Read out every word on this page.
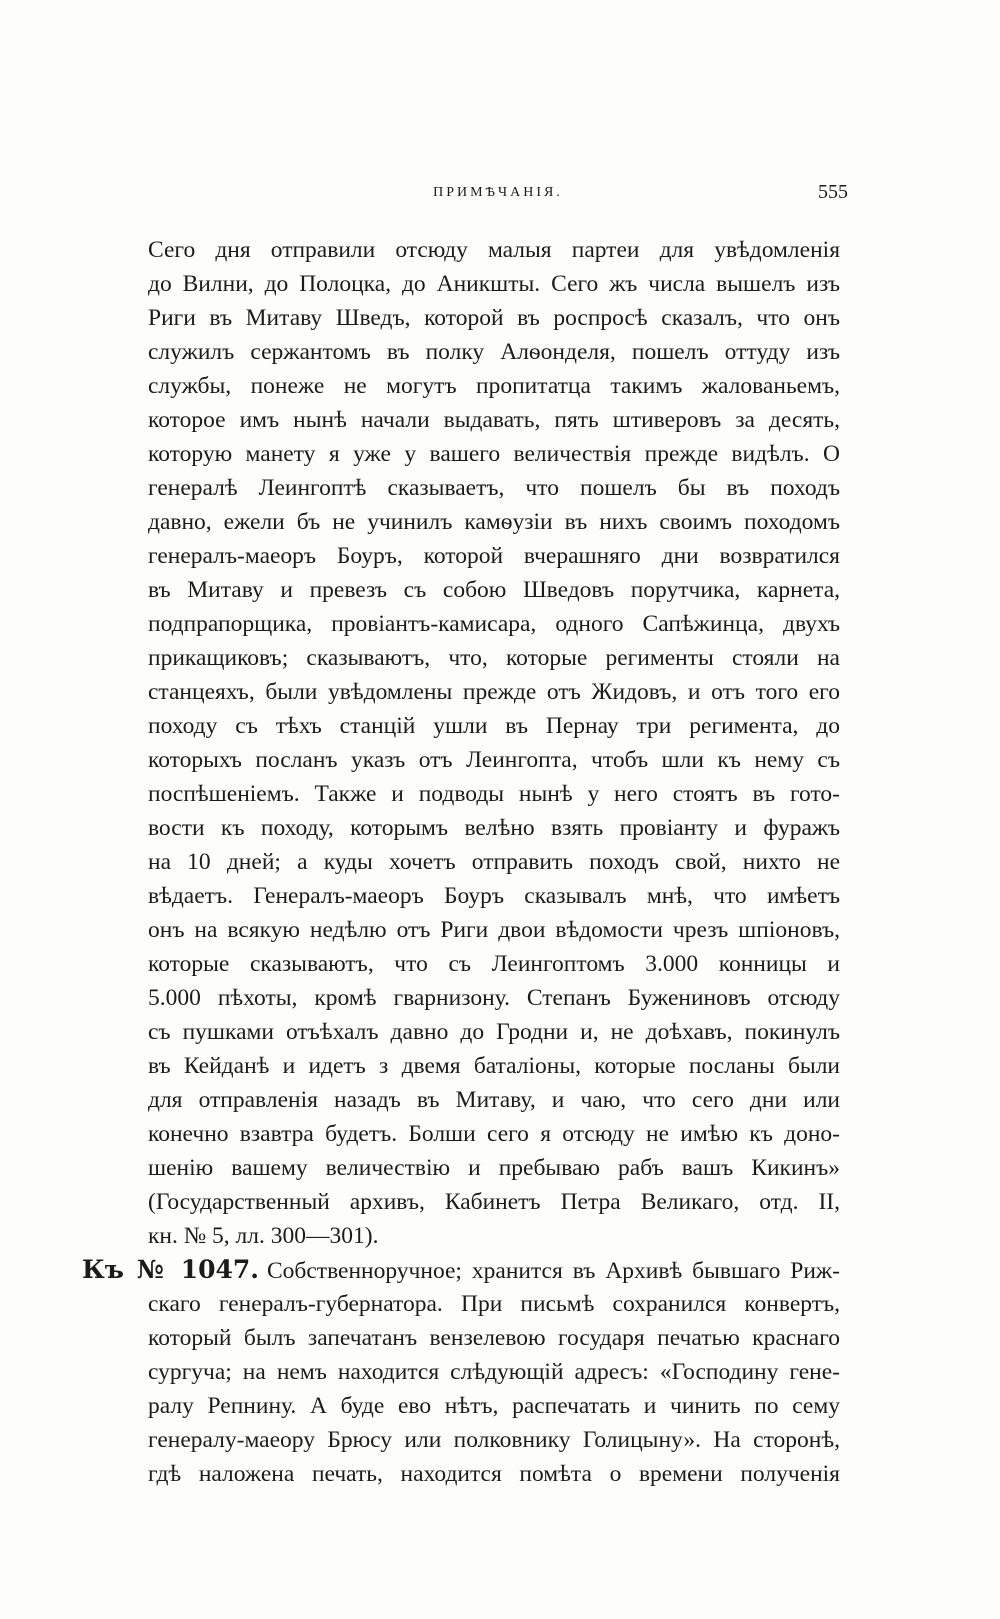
ПРИМѢЧАНІЯ.	555
Сего дня отправили отсюду малыя партеи для увѣдомленія
до Вилни, до Полоцка, до Аникшты. Сего жъ числа вышелъ изъ
Риги въ Митаву Шведъ, которой въ роспросѣ сказалъ, что онъ
служилъ сержантомъ въ полку Алѳонделя, пошелъ оттуду изъ
службы, понеже не могутъ пропитатца такимъ жалованьемъ,
которое имъ нынѣ начали выдавать, пять штиверовъ за десять,
которую манету я уже у вашего величествія прежде видѣлъ. О
генералѣ Леингоптѣ сказываетъ, что пошелъ бы въ походъ
давно, ежели бъ не учинилъ камѳузіи въ нихъ своимъ походомъ
генералъ-маеоръ Боуръ, которой вчерашняго дни возвратился
въ Митаву и превезъ съ собою Шведовъ порутчика, карнета,
подпрапорщика, провіантъ-камисара, одного Сапѣжинца, двухъ
прикащиковъ; сказываютъ, что, которые регименты стояли на
станцеяхъ, были увѣдомлены прежде отъ Жидовъ, и отъ того его
походу съ тѣхъ станцій ушли въ Пернау три регимента, до
которыхъ посланъ указъ отъ Леингопта, чтобъ шли къ нему съ
поспѣшеніемъ. Также и подводы нынѣ у него стоятъ въ гото-
вости къ походу, которымъ велѣно взять провіанту и фуражъ
на 10 дней; а куды хочетъ отправить походъ свой, нихто не
вѣдаетъ. Генералъ-маеоръ Боуръ сказывалъ мнѣ, что имѣетъ
онъ на всякую недѣлю отъ Риги двои вѣдомости чрезъ шпіоновъ,
которые сказываютъ, что съ Леингоптомъ 3.000 конницы и
5.000 пѣхоты, кромѣ гварнизону. Степанъ Бужениновъ отсюду
съ пушками отъѣхалъ давно до Гродни и, не доѣхавъ, покинулъ
въ Кейданѣ и идетъ з двемя баталіоны, которые посланы были
для отправленія назадъ въ Митаву, и чаю, что сего дни или
конечно взавтра будетъ. Болши сего я отсюду не имѣю къ доно-
шенію вашему величествію и пребываю рабъ вашъ Кикинъ»
(Государственный архивъ, Кабинетъ Петра Великаго, отд. II,
кн. № 5, лл. 300—301).
Къ № 1047. Собственноручное; хранится въ Архивѣ бывшаго Риж-
скаго генералъ-губернатора. При письмѣ сохранился конвертъ,
который былъ запечатанъ вензелевою государя печатью краснаго
сургуча; на немъ находится слѣдующій адресъ: «Господину гене-
ралу Репнину. А буде ево нѣтъ, распечатать и чинить по сему
генералу-маеору Брюсу или полковнику Голицыну». На сторонѣ,
гдѣ наложена печать, находится помѣта о времени полученія
